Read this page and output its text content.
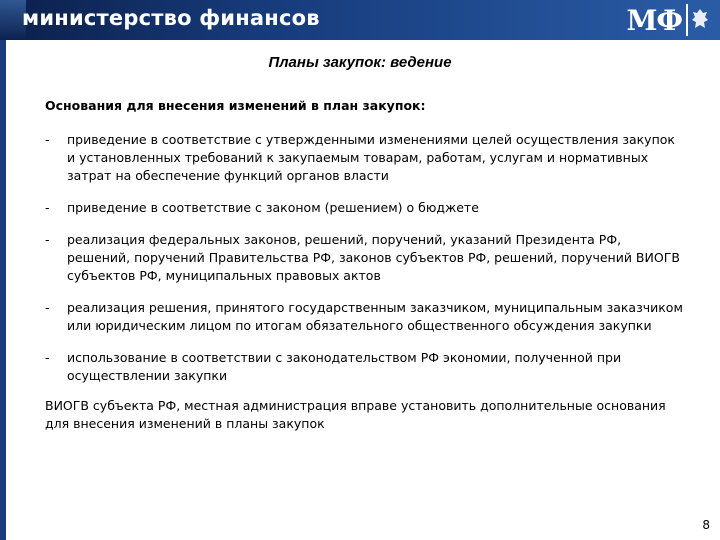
министерство финансов	МФ
Планы закупок: ведение
Основания для внесения изменений в план закупок:
-	приведение в соответствие с утвержденными изменениями целей осуществления закупок и установленных требований к закупаемым товарам, работам, услугам и нормативных затрат на обеспечение функций органов власти
-	приведение в соответствие с законом (решением) о бюджете
-	реализация федеральных законов, решений, поручений, указаний Президента РФ, решений, поручений Правительства РФ, законов субъектов РФ, решений, поручений ВИОГВ субъектов РФ, муниципальных правовых актов
-	реализация решения, принятого государственным заказчиком, муниципальным заказчиком или юридическим лицом по итогам обязательного общественного обсуждения закупки
-	использование в соответствии с законодательством РФ экономии, полученной при осуществлении закупки
ВИОГВ субъекта РФ, местная администрация вправе установить дополнительные основания для внесения изменений в планы закупок
8
